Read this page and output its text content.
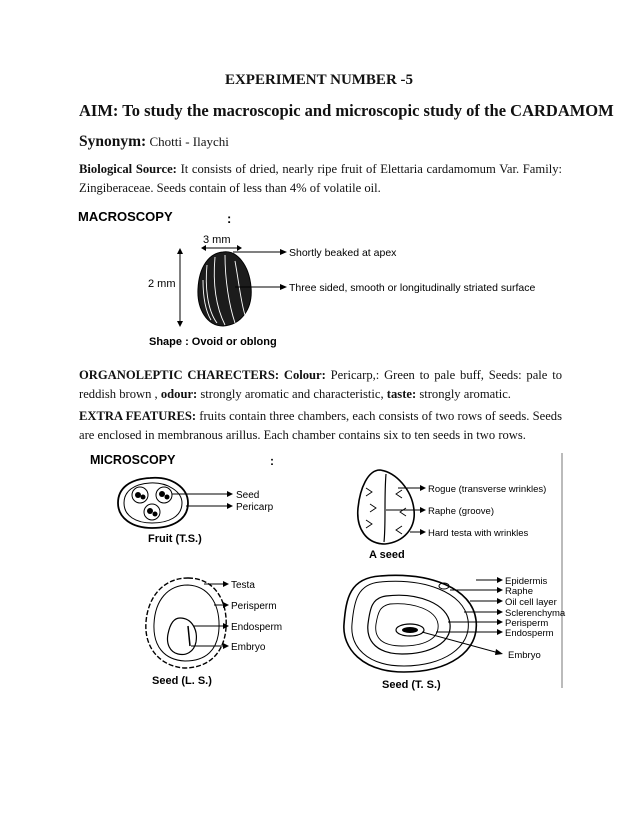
EXPERIMENT NUMBER -5
AIM: To study the macroscopic and microscopic study of the CARDAMOM
Synonym: Chotti - Ilaychi
Biological Source: It consists of dried, nearly ripe fruit of Elettaria cardamomum Var. Family: Zingiberaceae. Seeds contain of less than 4% of volatile oil.
MACROSCOPY	:
3 mm
2 mm
Shortly beaked at apex
Three sided, smooth or longitudinally striated surface
Shape : Ovoid or oblong
ORGANOLEPTIC CHARECTERS: Colour: Pericarp,: Green to pale buff, Seeds: pale to reddish brown , odour: strongly aromatic and characteristic, taste: strongly aromatic.
EXTRA FEATURES: fruits contain three chambers, each consists of two rows of seeds. Seeds are enclosed in membranous arillus. Each chamber contains six to ten seeds in two rows.
MICROSCOPY	:
Seed
Pericarp
Fruit (T.S.)
Rogue (transverse wrinkles)
Raphe (groove)
Hard testa with wrinkles
A seed
Testa
Perisperm
Endosperm
Embryo
Seed (L. S.)
Epidermis
Raphe
Oil cell layer
Sclerenchyma
Perisperm
Endosperm
Embryo
Seed (T. S.)
